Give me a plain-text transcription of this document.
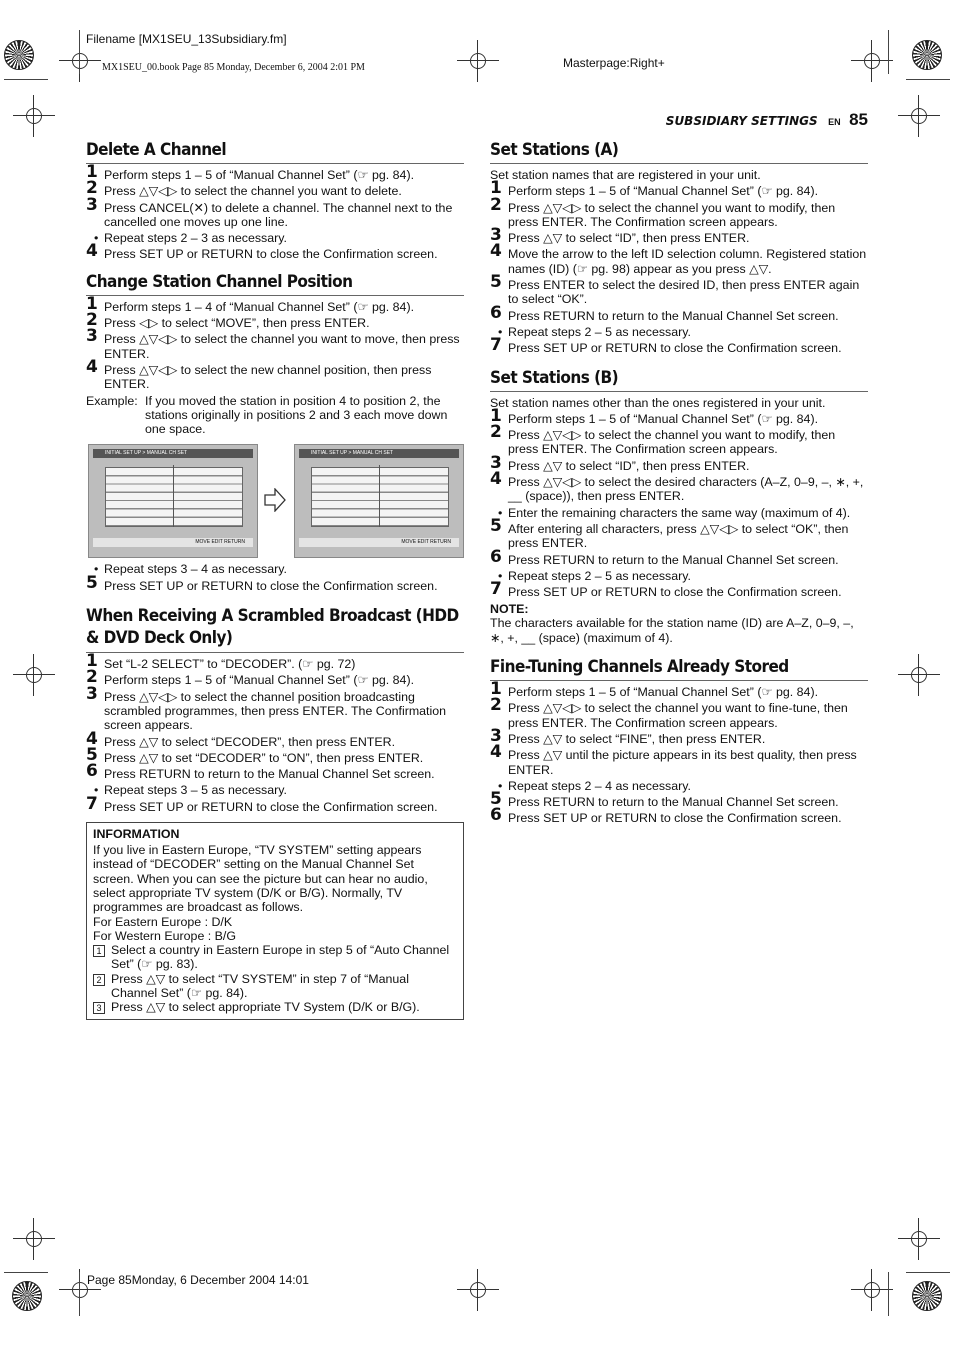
Filename [MX1SEU_13Subsidiary.fm]
MX1SEU_00.book Page 85 Monday, December 6, 2004 2:01 PM	Masterpage:Right+
Page 85Monday, 6 December 2004 14:01
SUBSIDIARY SETTINGS EN 85
Delete A Channel
1 Perform steps 1 – 5 of “Manual Channel Set” (☞ pg. 84).
2 Press △▽◁▷ to select the channel you want to delete.
3 Press CANCEL(✕) to delete a channel. The channel next to the cancelled one moves up one line.
• Repeat steps 2 – 3 as necessary.
4 Press SET UP or RETURN to close the Confirmation screen.
Change Station Channel Position
1 Perform steps 1 – 4 of “Manual Channel Set” (☞ pg. 84).
2 Press ◁▷ to select “MOVE”, then press ENTER.
3 Press △▽◁▷ to select the channel you want to move, then press ENTER.
4 Press △▽◁▷ to select the new channel position, then press ENTER.
Example: If you moved the station in position 4 to position 2, the stations originally in positions 2 and 3 each move down one space.
INITIAL SET UP > MANUAL CH SET
MOVE EDIT RETURN
INITIAL SET UP > MANUAL CH SET
MOVE EDIT RETURN
• Repeat steps 3 – 4 as necessary.
5 Press SET UP or RETURN to close the Confirmation screen.
When Receiving A Scrambled Broadcast (HDD & DVD Deck Only)
1 Set “L-2 SELECT” to “DECODER”. (☞ pg. 72)
2 Perform steps 1 – 5 of “Manual Channel Set” (☞ pg. 84).
3 Press △▽◁▷ to select the channel position broadcasting scrambled programmes, then press ENTER. The Confirmation screen appears.
4 Press △▽ to select “DECODER”, then press ENTER.
5 Press △▽ to set “DECODER” to “ON”, then press ENTER.
6 Press RETURN to return to the Manual Channel Set screen.
• Repeat steps 3 – 5 as necessary.
7 Press SET UP or RETURN to close the Confirmation screen.
INFORMATION

If you live in Eastern Europe, “TV SYSTEM” setting appears instead of “DECODER” setting on the Manual Channel Set screen. When you can see the picture but can hear no audio, select appropriate TV system (D/K or B/G). Normally, TV programmes are broadcast as follows.

For Eastern Europe : D/K

For Western Europe : B/G

1 Select a country in Eastern Europe in step 5 of “Auto Channel Set” (☞ pg. 83).
2 Press △▽ to select “TV SYSTEM” in step 7 of “Manual Channel Set” (☞ pg. 84).
3 Press △▽ to select appropriate TV System (D/K or B/G).
Set Stations (A)

Set station names that are registered in your unit.

1 Perform steps 1 – 5 of “Manual Channel Set” (☞ pg. 84).
2 Press △▽◁▷ to select the channel you want to modify, then press ENTER. The Confirmation screen appears.
3 Press △▽ to select “ID”, then press ENTER.
4 Move the arrow to the left ID selection column. Registered station names (ID) (☞ pg. 98) appear as you press △▽.
5 Press ENTER to select the desired ID, then press ENTER again to select “OK”.
6 Press RETURN to return to the Manual Channel Set screen.
• Repeat steps 2 – 5 as necessary.
7 Press SET UP or RETURN to close the Confirmation screen.
Set Stations (B)

Set station names other than the ones registered in your unit.

1 Perform steps 1 – 5 of “Manual Channel Set” (☞ pg. 84).
2 Press △▽◁▷ to select the channel you want to modify, then press ENTER. The Confirmation screen appears.
3 Press △▽ to select “ID”, then press ENTER.
4 Press △▽◁▷ to select the desired characters (A–Z, 0–9, –, ∗, +, __ (space)), then press ENTER.
• Enter the remaining characters the same way (maximum of 4).
5 After entering all characters, press △▽◁▷ to select “OK”, then press ENTER.
6 Press RETURN to return to the Manual Channel Set screen.
• Repeat steps 2 – 5 as necessary.
7 Press SET UP or RETURN to close the Confirmation screen.

NOTE:

The characters available for the station name (ID) are A–Z, 0–9, –, ∗, +, __ (space) (maximum of 4).

Fine-Tuning Channels Already Stored
1 Perform steps 1 – 5 of “Manual Channel Set” (☞ pg. 84).
2 Press △▽◁▷ to select the channel you want to fine-tune, then press ENTER. The Confirmation screen appears.
3 Press △▽ to select “FINE”, then press ENTER.
4 Press △▽ until the picture appears in its best quality, then press ENTER.
• Repeat steps 2 – 4 as necessary.
5 Press RETURN to return to the Manual Channel Set screen.
6 Press SET UP or RETURN to close the Confirmation screen.
